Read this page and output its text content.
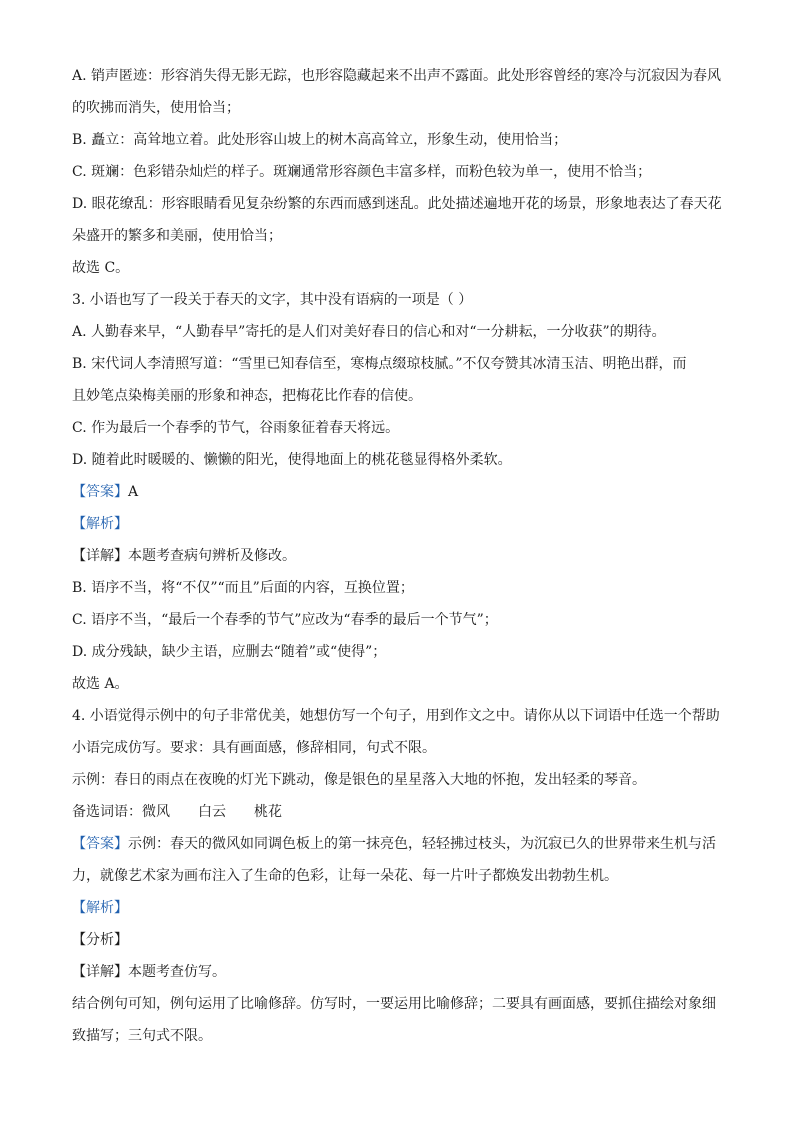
A. 销声匿迹：形容消失得无影无踪，也形容隐藏起来不出声不露面。此处形容曾经的寒冷与沉寂因为春风
的吹拂而消失，使用恰当；
B. 矗立：高耸地立着。此处形容山坡上的树木高高耸立，形象生动，使用恰当；
C. 斑斓：色彩错杂灿烂的样子。斑斓通常形容颜色丰富多样，而粉色较为单一，使用不恰当；
D. 眼花缭乱：形容眼睛看见复杂纷繁的东西而感到迷乱。此处描述遍地开花的场景，形象地表达了春天花
朵盛开的繁多和美丽，使用恰当；
故选 C。
3. 小语也写了一段关于春天的文字，其中没有语病的一项是（ ）
A. 人勤春来早，“人勤春早”寄托的是人们对美好春日的信心和对“一分耕耘，一分收获”的期待。
B. 宋代词人李清照写道：“雪里已知春信至，寒梅点缀琼枝腻。”不仅夸赞其冰清玉洁、明艳出群，而
且妙笔点染梅美丽的形象和神态，把梅花比作春的信使。
C. 作为最后一个春季的节气，谷雨象征着春天将远。
D. 随着此时暖暖的、懒懒的阳光，使得地面上的桃花毯显得格外柔软。
【答案】A
【解析】
【详解】本题考查病句辨析及修改。
B. 语序不当，将“不仅”“而且”后面的内容，互换位置；
C. 语序不当，“最后一个春季的节气”应改为“春季的最后一个节气”；
D. 成分残缺，缺少主语，应删去“随着”或“使得”；
故选 A。
4. 小语觉得示例中的句子非常优美，她想仿写一个句子，用到作文之中。请你从以下词语中任选一个帮助
小语完成仿写。要求：具有画面感，修辞相同，句式不限。
示例：春日的雨点在夜晚的灯光下跳动，像是银色的星星落入大地的怀抱，发出轻柔的琴音。
备选词语：微风 白云 桃花
【答案】示例：春天的微风如同调色板上的第一抹亮色，轻轻拂过枝头，为沉寂已久的世界带来生机与活
力，就像艺术家为画布注入了生命的色彩，让每一朵花、每一片叶子都焕发出勃勃生机。
【解析】
【分析】
【详解】本题考查仿写。
结合例句可知，例句运用了比喻修辞。仿写时，一要运用比喻修辞；二要具有画面感，要抓住描绘对象细
致描写；三句式不限。
